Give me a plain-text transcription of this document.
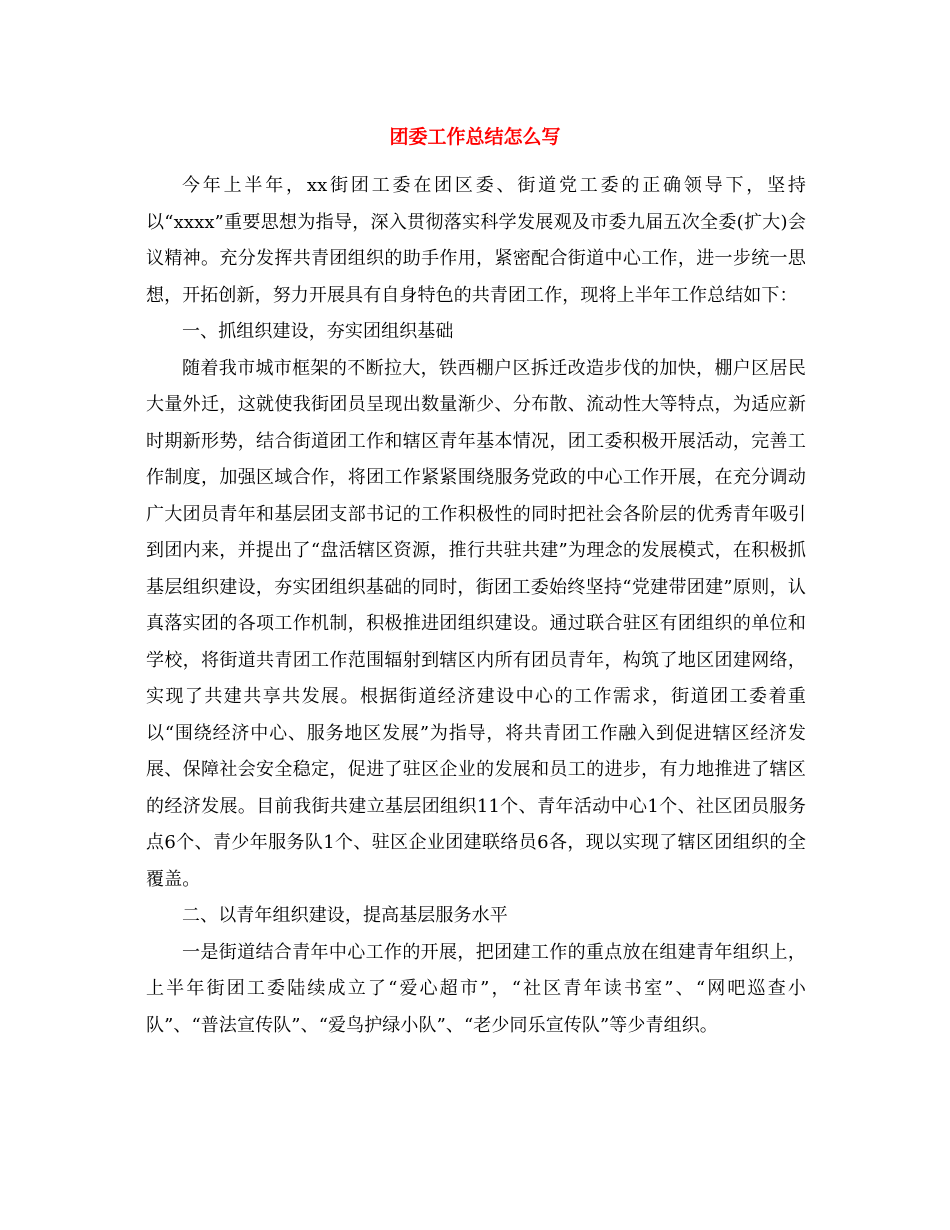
团委工作总结怎么写

今年上半年，xx街团工委在团区委、街道党工委的正确领导下，坚持以“xxxx”重要思想为指导，深入贯彻落实科学发展观及市委九届五次全委(扩大)会议精神。充分发挥共青团组织的助手作用，紧密配合街道中心工作，进一步统一思想，开拓创新，努力开展具有自身特色的共青团工作，现将上半年工作总结如下：

一、抓组织建设，夯实团组织基础

随着我市城市框架的不断拉大，铁西棚户区拆迁改造步伐的加快，棚户区居民大量外迁，这就使我街团员呈现出数量渐少、分布散、流动性大等特点，为适应新时期新形势，结合街道团工作和辖区青年基本情况，团工委积极开展活动，完善工作制度，加强区域合作，将团工作紧紧围绕服务党政的中心工作开展，在充分调动广大团员青年和基层团支部书记的工作积极性的同时把社会各阶层的优秀青年吸引到团内来，并提出了“盘活辖区资源，推行共驻共建”为理念的发展模式，在积极抓基层组织建设，夯实团组织基础的同时，街团工委始终坚持“党建带团建”原则，认真落实团的各项工作机制，积极推进团组织建设。通过联合驻区有团组织的单位和学校，将街道共青团工作范围辐射到辖区内所有团员青年，构筑了地区团建网络，实现了共建共享共发展。根据街道经济建设中心的工作需求，街道团工委着重以“围绕经济中心、服务地区发展”为指导，将共青团工作融入到促进辖区经济发展、保障社会安全稳定，促进了驻区企业的发展和员工的进步，有力地推进了辖区的经济发展。目前我街共建立基层团组织11个、青年活动中心1个、社区团员服务点6个、青少年服务队1个、驻区企业团建联络员6各，现以实现了辖区团组织的全覆盖。

二、以青年组织建设，提高基层服务水平

一是街道结合青年中心工作的开展，把团建工作的重点放在组建青年组织上，上半年街团工委陆续成立了“爱心超市”，“社区青年读书室”、“网吧巡查小队”、“普法宣传队”、“爱鸟护绿小队”、“老少同乐宣传队”等少青组织。
